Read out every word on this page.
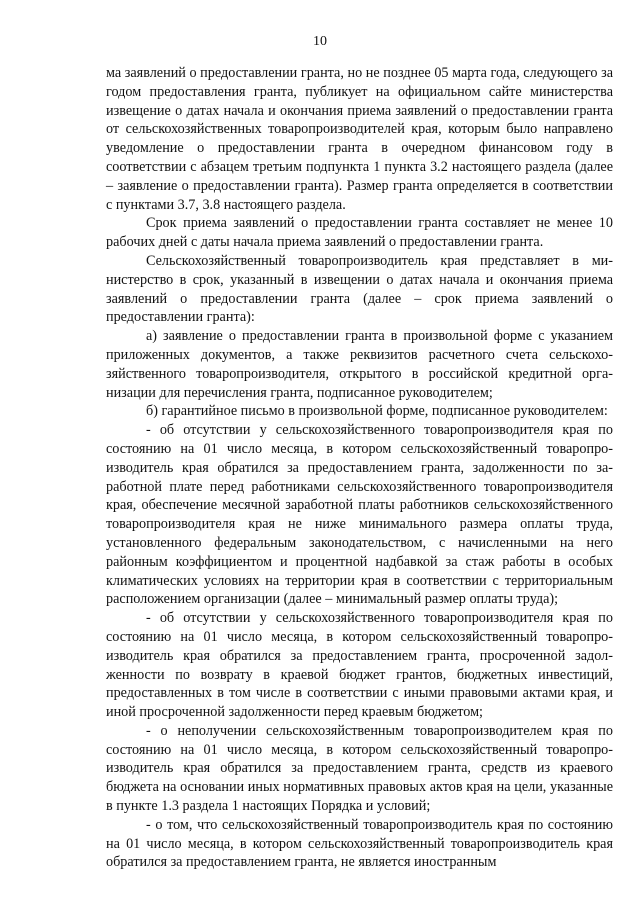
10

ма заявлений о предоставлении гранта, но не позднее 05 марта года, следующего за годом предоставления гранта, публикует на официальном сайте министерства извещение о датах начала и окончания приема заявлений о предоставлении гранта от сельскохозяйственных товаропроизводителей края, которым было направлено уведомление о предоставлении гранта в очередном финансовом году в соответствии с абзацем третьим подпункта 1 пункта 3.2 настоящего раздела (далее – заявление о предоставлении гранта). Размер гранта определяется в соответствии с пунктами 3.7, 3.8 настоящего раздела.

Срок приема заявлений о предоставлении гранта составляет не менее 10 рабочих дней с даты начала приема заявлений о предоставлении гранта.

Сельскохозяйственный товаропроизводитель края представляет в министерство в срок, указанный в извещении о датах начала и окончания приема заявлений о предоставлении гранта (далее – срок приема заявлений о предоставлении гранта):

а) заявление о предоставлении гранта в произвольной форме с указанием приложенных документов, а также реквизитов расчетного счета сельскохозяйственного товаропроизводителя, открытого в российской кредитной организации для перечисления гранта, подписанное руководителем;

б) гарантийное письмо в произвольной форме, подписанное руководителем:

- об отсутствии у сельскохозяйственного товаропроизводителя края по состоянию на 01 число месяца, в котором сельскохозяйственный товаропроизводитель края обратился за предоставлением гранта, задолженности по заработной плате перед работниками сельскохозяйственного товаропроизводителя края, обеспечение месячной заработной платы работников сельскохозяйственного товаропроизводителя края не ниже минимального размера оплаты труда, установленного федеральным законодательством, с начисленными на него районным коэффициентом и процентной надбавкой за стаж работы в особых климатических условиях на территории края в соответствии с территориальным расположением организации (далее – минимальный размер оплаты труда);

- об отсутствии у сельскохозяйственного товаропроизводителя края по состоянию на 01 число месяца, в котором сельскохозяйственный товаропроизводитель края обратился за предоставлением гранта, просроченной задолженности по возврату в краевой бюджет грантов, бюджетных инвестиций, предоставленных в том числе в соответствии с иными правовыми актами края, и иной просроченной задолженности перед краевым бюджетом;

- о неполучении сельскохозяйственным товаропроизводителем края по состоянию на 01 число месяца, в котором сельскохозяйственный товаропроизводитель края обратился за предоставлением гранта, средств из краевого бюджета на основании иных нормативных правовых актов края на цели, указанные в пункте 1.3 раздела 1 настоящих Порядка и условий;

- о том, что сельскохозяйственный товаропроизводитель края по состоянию на 01 число месяца, в котором сельскохозяйственный товаропроизводитель края обратился за предоставлением гранта, не является иностранным
